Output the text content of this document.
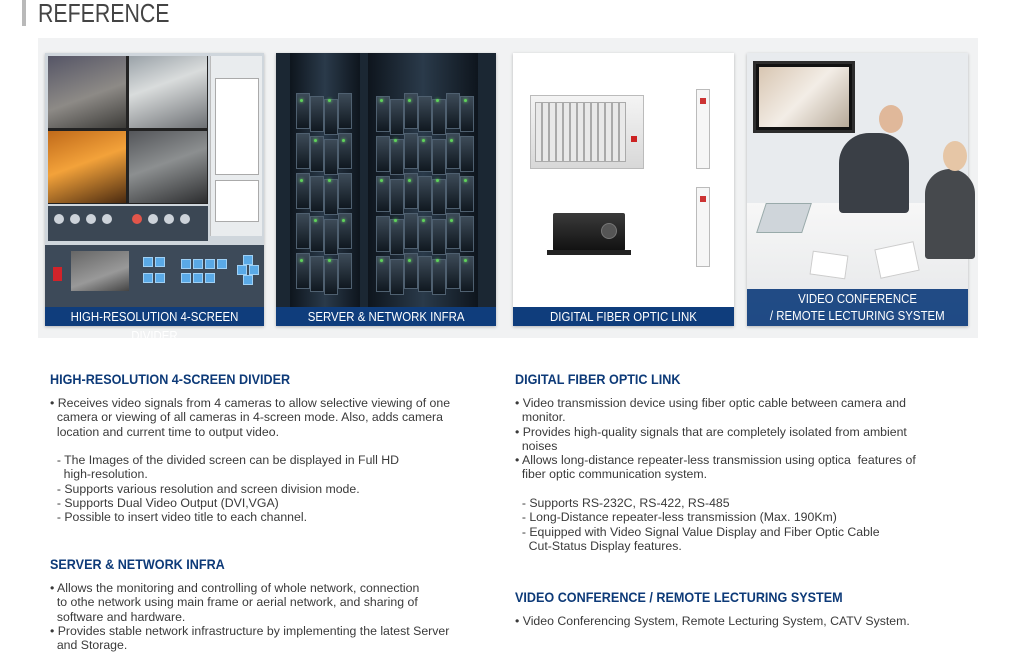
REFERENCE
HIGH-RESOLUTION 4-SCREEN DIVIDER
SERVER & NETWORK INFRA	DIGITAL FIBER OPTIC LINK
VIDEO CONFERENCE
/ REMOTE LECTURING SYSTEM
HIGH-RESOLUTION 4-SCREEN DIVIDER
• Receives video signals from 4 cameras to allow selective viewing of one
camera or viewing of all cameras in 4-screen mode. Also, adds camera
location and current time to output video.
- The Images of the divided screen can be displayed in Full HD
high-resolution.
- Supports various resolution and screen division mode.
- Supports Dual Video Output (DVI,VGA)
- Possible to insert video title to each channel.
SERVER & NETWORK INFRA
• Allows the monitoring and controlling of whole network, connection
to othe network using main frame or aerial network, and sharing of
software and hardware.
• Provides stable network infrastructure by implementing the latest Server
and Storage.
DIGITAL FIBER OPTIC LINK
• Video transmission device using fiber optic cable between camera and
monitor.
• Provides high-quality signals that are completely isolated from ambient
noises
• Allows long-distance repeater-less transmission using optica  features of
fiber optic communication system.
- Supports RS-232C, RS-422, RS-485
- Long-Distance repeater-less transmission (Max. 190Km)
- Equipped with Video Signal Value Display and Fiber Optic Cable
Cut-Status Display features.
VIDEO CONFERENCE / REMOTE LECTURING SYSTEM
• Video Conferencing System, Remote Lecturing System, CATV System.
